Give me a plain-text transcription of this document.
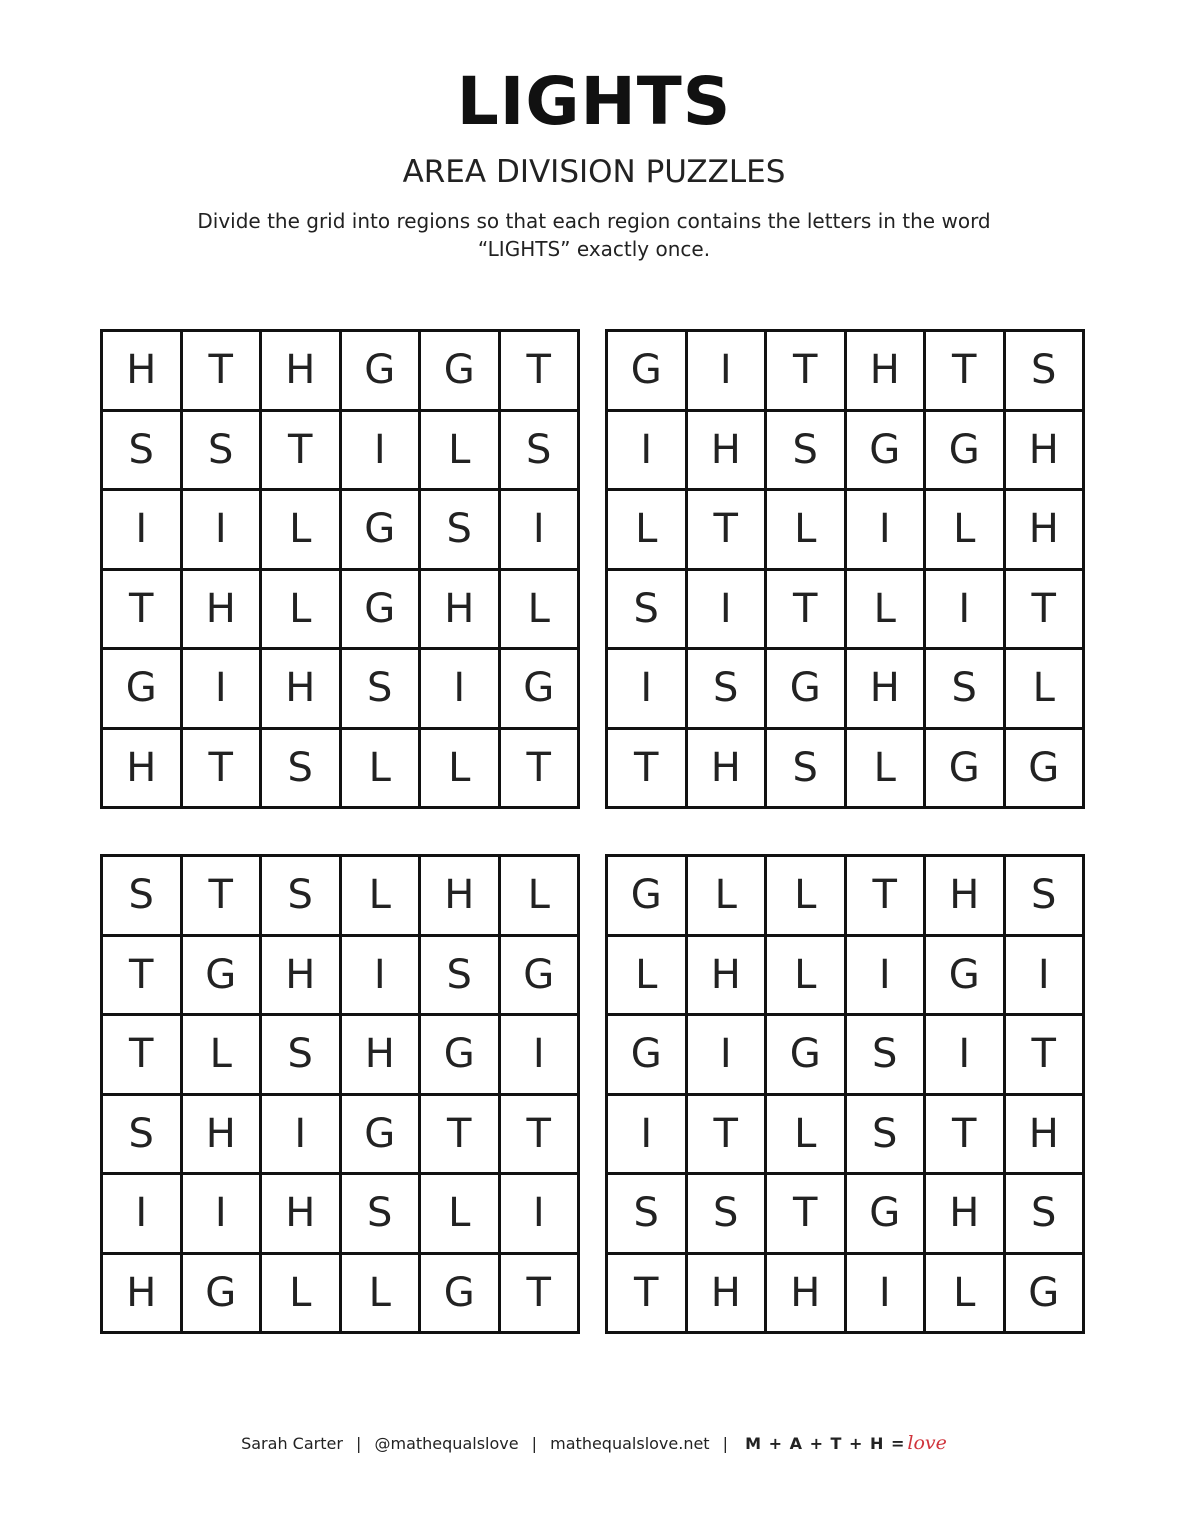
LIGHTS
AREA DIVISION PUZZLES
Divide the grid into regions so that each region contains the letters in the word “LIGHTS” exactly once.
H	T	H	G	G	T
S	S	T	I	L	S
I	I	L	G	S	I
T	H	L	G	H	L
G	I	H	S	I	G
H	T	S	L	L	T
G	I	T	H	T	S
I	H	S	G	G	H
L	T	L	I	L	H
S	I	T	L	I	T
I	S	G	H	S	L
T	H	S	L	G	G
S	T	S	L	H	L
T	G	H	I	S	G
T	L	S	H	G	I
S	H	I	G	T	T
I	I	H	S	L	I
H	G	L	L	G	T
G	L	L	T	H	S
L	H	L	I	G	I
G	I	G	S	I	T
I	T	L	S	T	H
S	S	T	G	H	S
T	H	H	I	L	G
Sarah Carter | @mathequalslove | mathequalslove.net | M + A + T + H = love
